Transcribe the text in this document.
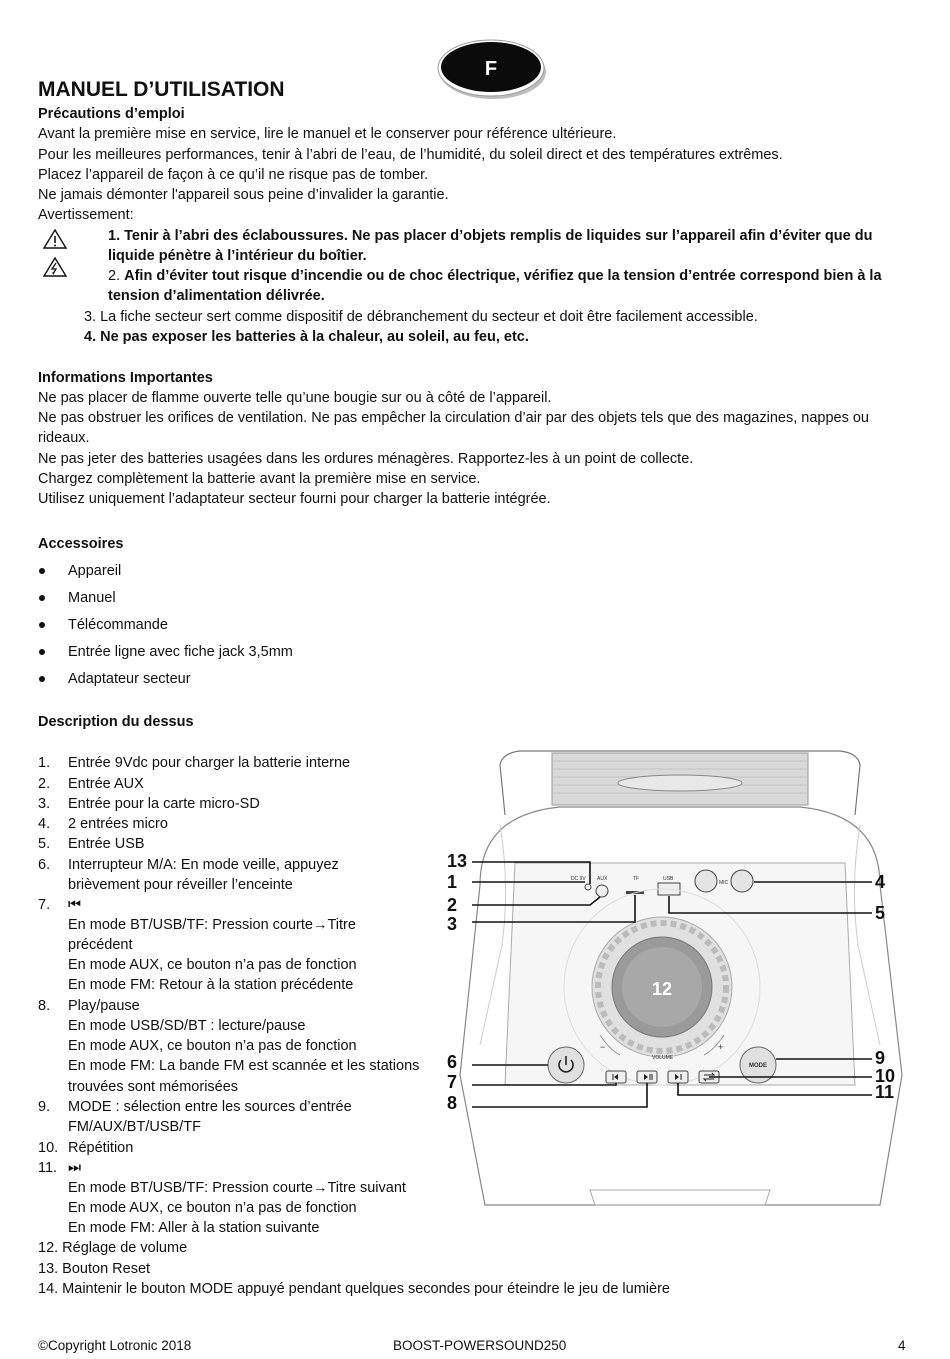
F
MANUEL D’UTILISATION
Précautions d’emploi
Avant la première mise en service, lire le manuel et le conserver pour référence ultérieure.
Pour les meilleures performances, tenir à l’abri de l’eau, de l’humidité, du soleil direct et des températures extrêmes.
Placez l’appareil de façon à ce qu’il ne risque pas de tomber.
Ne jamais démonter l'appareil sous peine d’invalider la garantie.
Avertissement:
1. Tenir à l’abri des éclaboussures. Ne pas placer d’objets remplis de liquides sur l’appareil afin d’éviter que du
liquide pénètre à l’intérieur du boîtier.
2. Afin d’éviter tout risque d’incendie ou de choc électrique, vérifiez que la tension d’entrée correspond bien à la
tension d’alimentation délivrée.
3. La fiche secteur sert comme dispositif de débranchement du secteur et doit être facilement accessible.
4. Ne pas exposer les batteries à la chaleur, au soleil, au feu, etc.
Informations Importantes
Ne pas placer de flamme ouverte telle qu’une bougie sur ou à côté de l’appareil.
Ne pas obstruer les orifices de ventilation. Ne pas empêcher la circulation d’air par des objets tels que des magazines, nappes ou
rideaux.
Ne pas jeter des batteries usagées dans les ordures ménagères. Rapportez-les à un point de collecte.
Chargez complètement la batterie avant la première mise en service.
Utilisez uniquement l’adaptateur secteur fourni pour charger la batterie intégrée.
Accessoires
Appareil
Manuel
Télécommande
Entrée ligne avec fiche jack 3,5mm
Adaptateur secteur
Description du dessus
1. Entrée 9Vdc pour charger la batterie interne
2. Entrée AUX
3. Entrée pour la carte micro-SD
4. 2 entrées micro
5. Entrée USB
6. Interrupteur M/A: En mode veille, appuyez
brièvement pour réveiller l’enceinte
7. ⏮
En mode BT/USB/TF: Pression courte→Titre
précédent
En mode AUX, ce bouton n’a pas de fonction
En mode FM: Retour à la station précédente
8. Play/pause
En mode USB/SD/BT : lecture/pause
En mode AUX, ce bouton n’a pas de fonction
En mode FM: La bande FM est scannée et les stations
trouvées sont mémorisées
9. MODE : sélection entre les sources d’entrée
FM/AUX/BT/USB/TF
10. Répétition
11. ⏭
En mode BT/USB/TF: Pression courte→Titre suivant
En mode AUX, ce bouton n’a pas de fonction
En mode FM: Aller à la station suivante
12. Réglage de volume
13. Bouton Reset
14. Maintenir le bouton MODE appuyé pendant quelques secondes pour éteindre le jeu de lumière
DC 9V AUX	TF	USB
MIC
12
−	+
VOLUME
MODE
13
1
2
3
4
5
6
7
8
9
10
11
©Copyright Lotronic 2018	BOOST-POWERSOUND250	4
